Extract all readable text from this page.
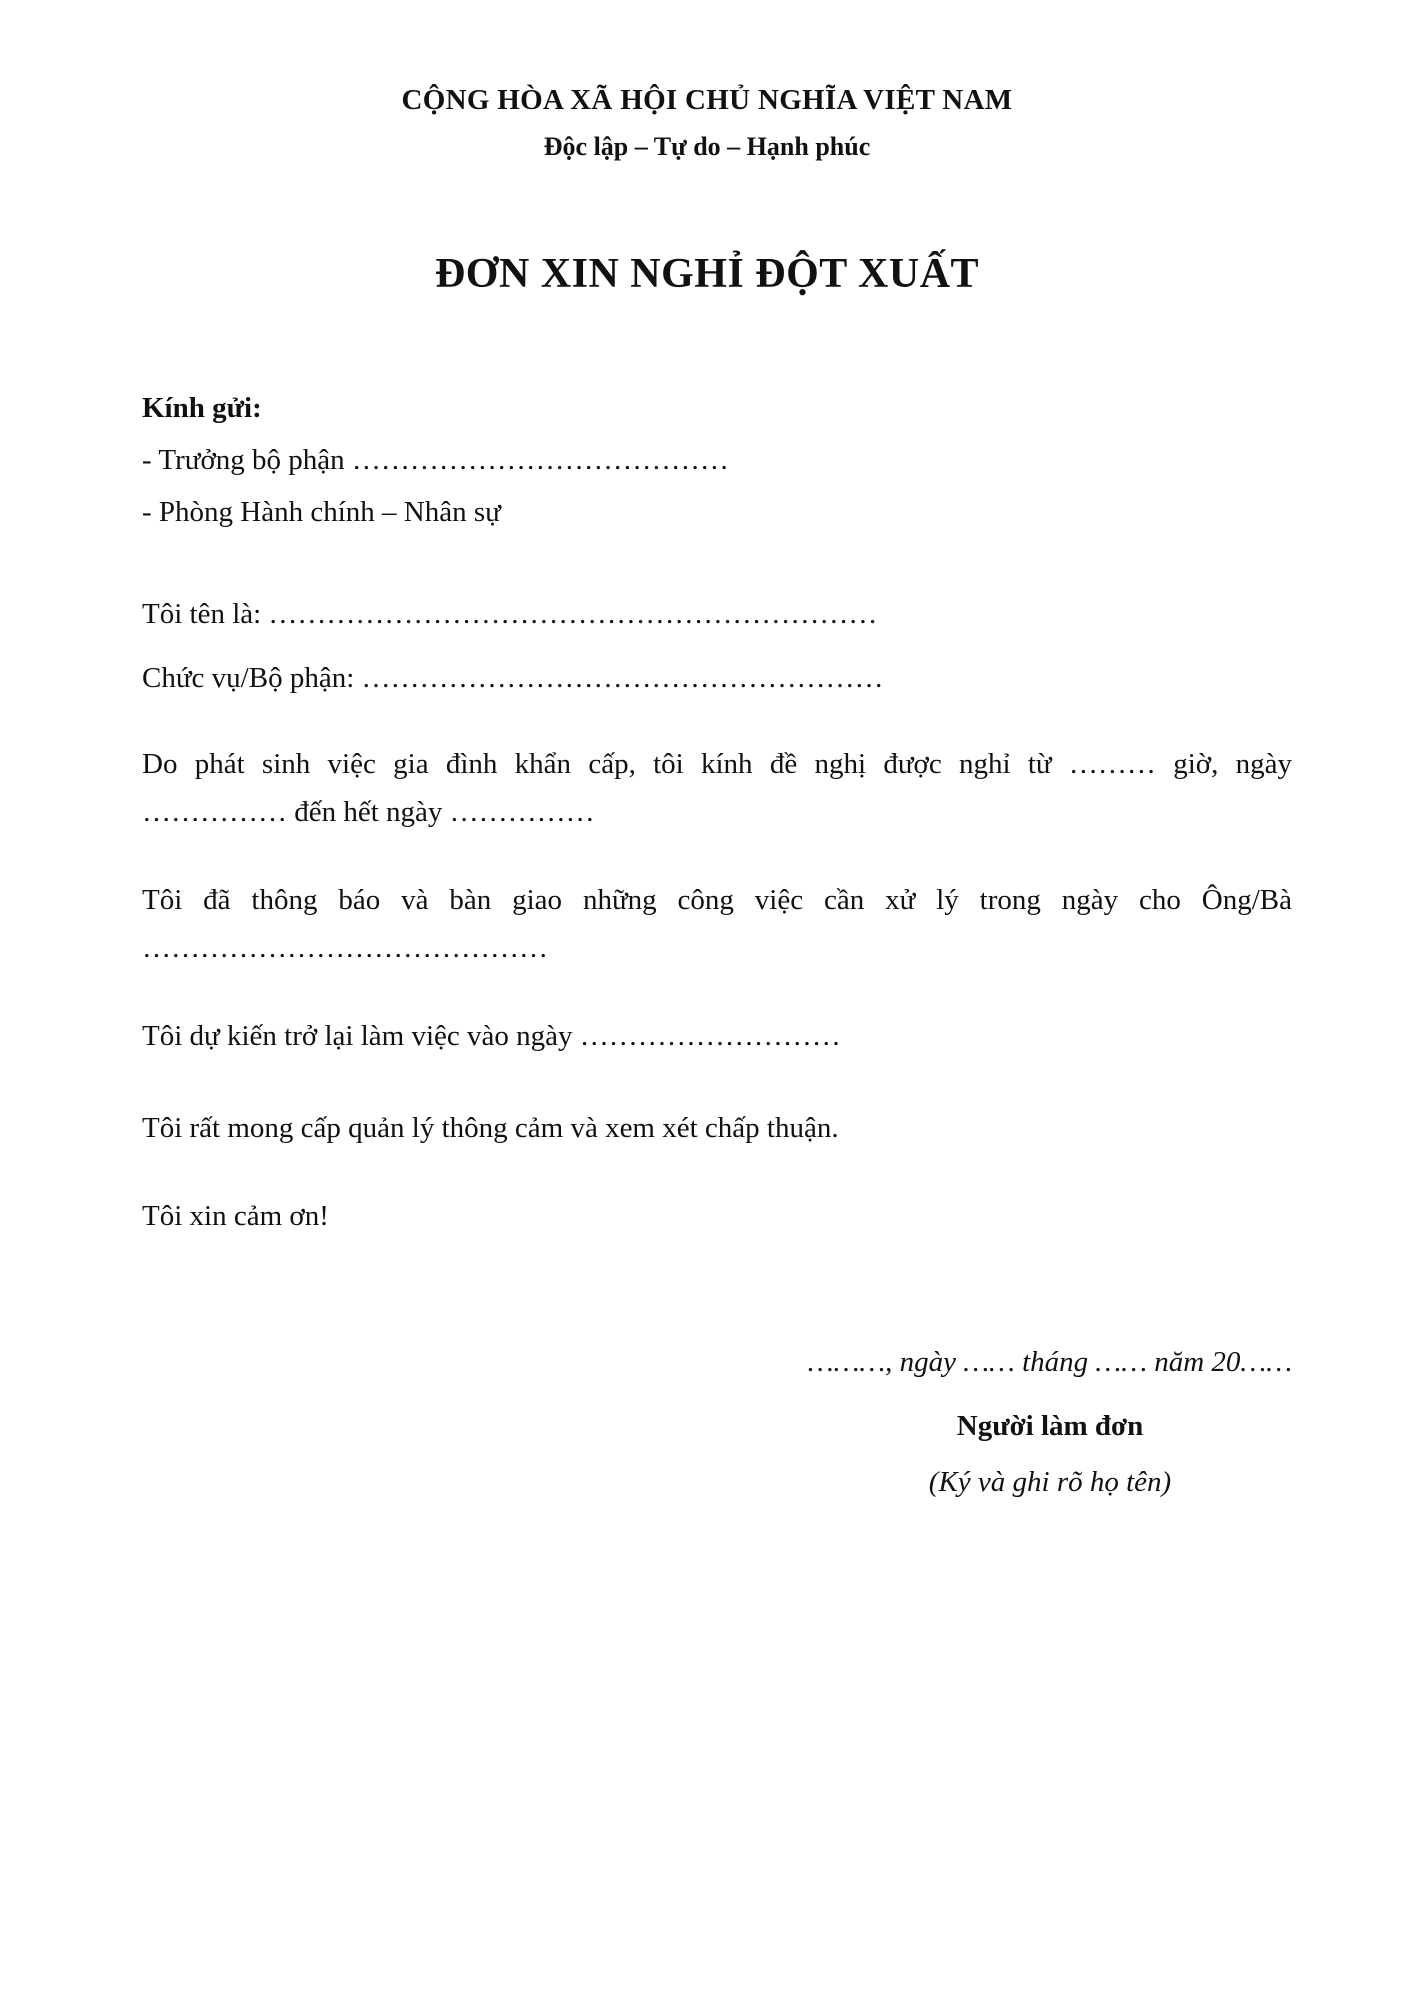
CỘNG HÒA XÃ HỘI CHỦ NGHĨA VIỆT NAM
Độc lập – Tự do – Hạnh phúc
ĐƠN XIN NGHỈ ĐỘT XUẤT
Kính gửi:
- Trưởng bộ phận …………………………………
- Phòng Hành chính – Nhân sự
Tôi tên là: ………………………………………………………
Chức vụ/Bộ phận: ………………………………………………
Do phát sinh việc gia đình khẩn cấp, tôi kính đề nghị được nghỉ từ ……… giờ, ngày
…………… đến hết ngày ……………
Tôi đã thông báo và bàn giao những công việc cần xử lý trong ngày cho Ông/Bà
……………………………………
Tôi dự kiến trở lại làm việc vào ngày ………………………
Tôi rất mong cấp quản lý thông cảm và xem xét chấp thuận.
Tôi xin cảm ơn!
………, ngày …… tháng …… năm 20……
Người làm đơn
(Ký và ghi rõ họ tên)
